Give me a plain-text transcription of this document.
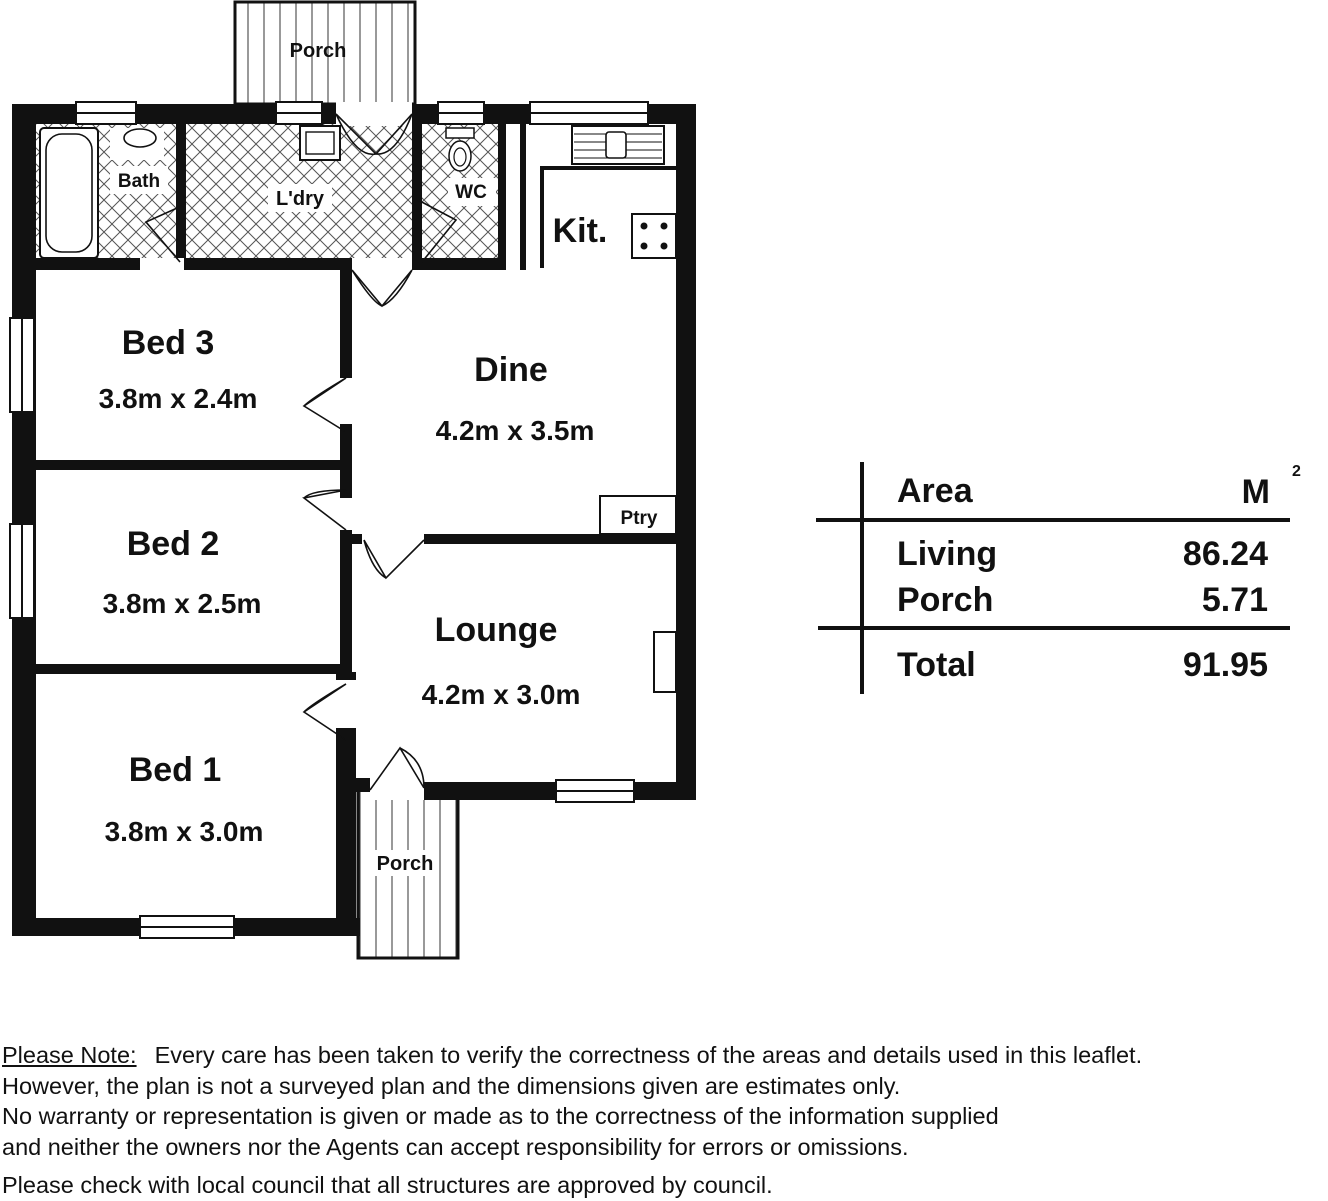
Porch
Bath
L'dry	WC
Kit.
Bed 3
3.8m x 2.4m
Dine
4.2m x 3.5m
Ptry
Bed 2
3.8m x 2.5m
Lounge
4.2m x 3.0m
Bed 1
3.8m x 3.0m
Porch
Area	M
2
Living	86.24
Porch	5.71
Total	91.95
Please Note: Every care has been taken to verify the correctness of the areas and details used in this leaflet.
However, the plan is not a surveyed plan and the dimensions given are estimates only.
No warranty or representation is given or made as to the correctness of the information supplied
and neither the owners nor the Agents can accept responsibility for errors or omissions.
Please check with local council that all structures are approved by council.
